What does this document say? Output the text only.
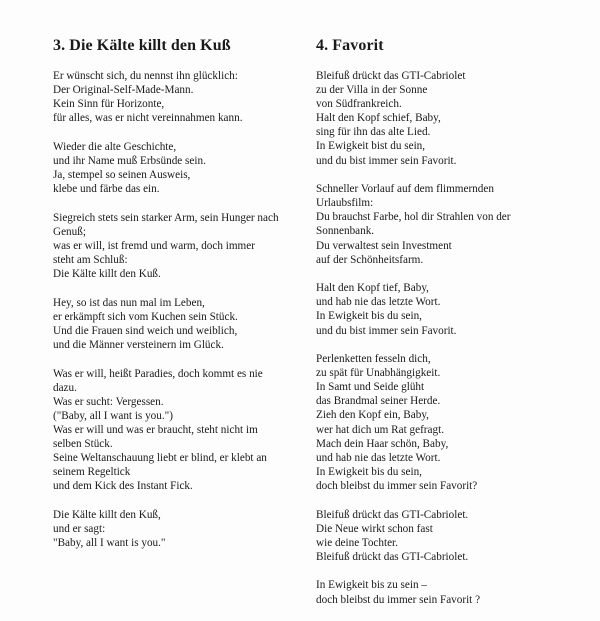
3. Die Kälte killt den Kuß
Er wünscht sich, du nennst ihn glücklich:
Der Original-Self-Made-Mann.
Kein Sinn für Horizonte,
für alles, was er nicht vereinnahmen kann.
Wieder die alte Geschichte,
und ihr Name muß Erbsünde sein.
Ja, stempel so seinen Ausweis,
klebe und färbe das ein.
Siegreich stets sein starker Arm, sein Hunger nach
Genuß;
was er will, ist fremd und warm, doch immer
steht am Schluß:
Die Kälte killt den Kuß.
Hey, so ist das nun mal im Leben,
er erkämpft sich vom Kuchen sein Stück.
Und die Frauen sind weich und weiblich,
und die Männer versteinern im Glück.
Was er will, heißt Paradies, doch kommt es nie
dazu.
Was er sucht: Vergessen.
("Baby, all I want is you.")
Was er will und was er braucht, steht nicht im
selben Stück.
Seine Weltanschauung liebt er blind, er klebt an
seinem Regeltick
und dem Kick des Instant Fick.
Die Kälte killt den Kuß,
und er sagt:
"Baby, all I want is you."
4. Favorit
Bleifuß drückt das GTI-Cabriolet
zu der Villa in der Sonne
von Südfrankreich.
Halt den Kopf schief, Baby,
sing für ihn das alte Lied.
In Ewigkeit bist du sein,
und du bist immer sein Favorit.
Schneller Vorlauf auf dem flimmernden
Urlaubsfilm:
Du brauchst Farbe, hol dir Strahlen von der
Sonnenbank.
Du verwaltest sein Investment
auf der Schönheitsfarm.
Halt den Kopf tief, Baby,
und hab nie das letzte Wort.
In Ewigkeit bis du sein,
und du bist immer sein Favorit.
Perlenketten fesseln dich,
zu spät für Unabhängigkeit.
In Samt und Seide glüht
das Brandmal seiner Herde.
Zieh den Kopf ein, Baby,
wer hat dich um Rat gefragt.
Mach dein Haar schön, Baby,
und hab nie das letzte Wort.
In Ewigkeit bis du sein,
doch bleibst du immer sein Favorit?
Bleifuß drückt das GTI-Cabriolet.
Die Neue wirkt schon fast
wie deine Tochter.
Bleifuß drückt das GTI-Cabriolet.
In Ewigkeit bis zu sein –
doch bleibst du immer sein Favorit ?
